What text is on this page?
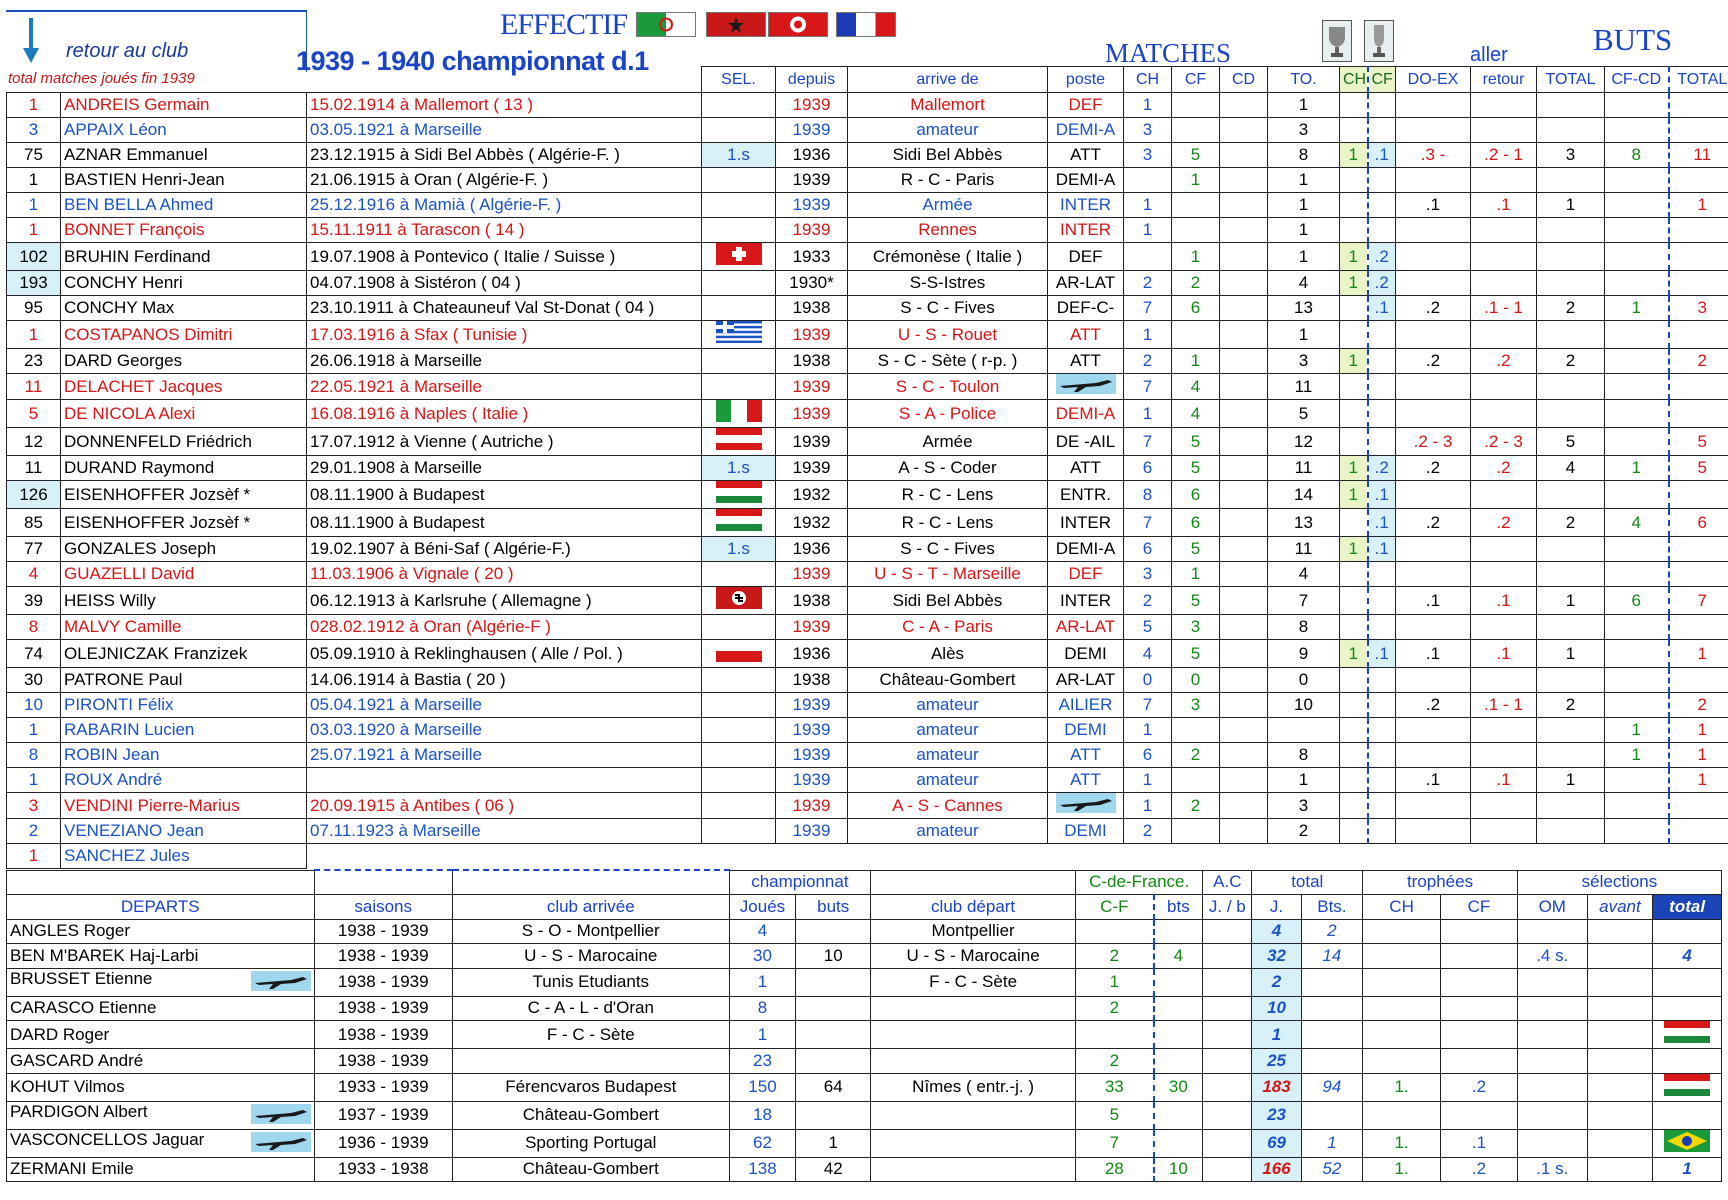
retour au club
total matches joués fin 1939
1939 - 1940 championnat d.1
EFFECTIF
MATCHES	aller	BUTS
			SEL.	depuis	arrive de	poste	CH	CF	CD	TO.	CH	CF	DO-EX	retour	TOTAL	CF-CD	TOTAL
1	ANDREIS Germain	15.02.1914 à Mallemort ( 13 )		1939	Mallemort	DEF	1			1							
3	APPAIX Léon	03.05.1921 à Marseille		1939	amateur	DEMI-A	3			3							
75	AZNAR Emmanuel	23.12.1915 à Sidi Bel Abbès ( Algérie-F. )	1.s	1936	Sidi Bel Abbès	ATT	3	5		8	1	.1	.3 -	.2 - 1	3	8	11
1	BASTIEN Henri-Jean	21.06.1915 à Oran ( Algérie-F. )		1939	R - C - Paris	DEMI-A		1		1							
1	BEN BELLA Ahmed	25.12.1916 à Mamià ( Algérie-F. )		1939	Armée	INTER	1			1			.1	.1	1		1
1	BONNET François	15.11.1911 à Tarascon ( 14 )		1939	Rennes	INTER	1			1							
102	BRUHIN Ferdinand	19.07.1908 à Pontevico ( Italie / Suisse )		1933	Crémonèse ( Italie )	DEF		1		1	1	.2					
193	CONCHY Henri	04.07.1908 à Sistéron ( 04 )		1930*	S-S-Istres	AR-LAT	2	2		4	1	.2					
95	CONCHY Max	23.10.1911 à Chateauneuf Val St-Donat ( 04 )		1938	S - C - Fives	DEF-C-	7	6		13		.1	.2	.1 - 1	2	1	3
1	COSTAPANOS Dimitri	17.03.1916 à Sfax ( Tunisie )		1939	U - S - Rouet	ATT	1			1							
23	DARD Georges	26.06.1918 à Marseille		1938	S - C - Sète ( r-p. )	ATT	2	1		3	1		.2	.2	2		2
11	DELACHET Jacques	22.05.1921 à Marseille		1939	S - C - Toulon		7	4		11							
5	DE NICOLA Alexi	16.08.1916 à Naples ( Italie )		1939	S - A - Police	DEMI-A	1	4		5							
12	DONNENFELD Friédrich	17.07.1912 à Vienne ( Autriche )		1939	Armée	DE -AIL	7	5		12			.2 - 3	.2 - 3	5		5
11	DURAND Raymond	29.01.1908 à Marseille	1.s	1939	A - S - Coder	ATT	6	5		11	1	.2	.2	.2	4	1	5
126	EISENHOFFER Jozsèf *	08.11.1900 à Budapest		1932	R - C - Lens	ENTR.	8	6		14	1	.1					
85	EISENHOFFER Jozsèf *	08.11.1900 à Budapest		1932	R - C - Lens	INTER	7	6		13		.1	.2	.2	2	4	6
77	GONZALES Joseph	19.02.1907 à Béni-Saf ( Algérie-F.)	1.s	1936	S - C - Fives	DEMI-A	6	5		11	1	.1					
4	GUAZELLI David	11.03.1906 à Vignale ( 20 )		1939	U - S - T - Marseille	DEF	3	1		4							
39	HEISS Willy	06.12.1913 à Karlsruhe ( Allemagne )		1938	Sidi Bel Abbès	INTER	2	5		7			.1	.1	1	6	7
8	MALVY Camille	028.02.1912 à Oran (Algérie-F )		1939	C - A - Paris	AR-LAT	5	3		8							
74	OLEJNICZAK Franzizek	05.09.1910 à Reklinghausen ( Alle / Pol. )		1936	Alès	DEMI	4	5		9	1	.1	.1	.1	1		1
30	PATRONE Paul	14.06.1914 à Bastia ( 20 )		1938	Château-Gombert	AR-LAT	0	0		0							
10	PIRONTI Félix	05.04.1921 à Marseille		1939	amateur	AILIER	7	3		10			.2	.1 - 1	2		2
1	RABARIN Lucien	03.03.1920 à Marseille		1939	amateur	DEMI	1									1	1
8	ROBIN Jean	25.07.1921 à Marseille		1939	amateur	ATT	6	2		8						1	1
1	ROUX André			1939	amateur	ATT	1			1			.1	.1	1		1
3	VENDINI Pierre-Marius	20.09.1915 à Antibes ( 06 )		1939	A - S - Cannes		1	2		3							
2	VENEZIANO Jean	07.11.1923 à Marseille		1939	amateur	DEMI	2			2							
1	SANCHEZ Jules																
			championnat			C-de-France.		A.C	total		trophées		sélections		
DEPARTS	saisons	club arrivée	Joués	buts	club départ	C-F	bts	J. / b	J.	Bts.	CH	CF	OM	avant	total
ANGLES Roger	1938 - 1939	S - O - Montpellier	4		Montpellier				4	2					
BEN M'BAREK Haj-Larbi	1938 - 1939	U - S - Marocaine	30	10	U - S - Marocaine	2	4		32	14			.4 s.		4
BRUSSET Etienne	1938 - 1939	Tunis Etudiants	1		F - C - Sète	1			2						
CARASCO Etienne	1938 - 1939	C - A - L - d'Oran	8			2			10						
DARD Roger	1938 - 1939	F - C - Sète	1						1						
GASCARD André	1938 - 1939		23			2			25						
KOHUT Vilmos	1933 - 1939	Férencvaros Budapest	150	64	Nîmes ( entr.-j. )	33	30		183	94	1.	.2			
PARDIGON Albert	1937 - 1939	Château-Gombert	18			5			23						
VASCONCELLOS Jaguar	1936 - 1939	Sporting Portugal	62	1		7			69	1	1.	.1			
ZERMANI Emile	1933 - 1938	Château-Gombert	138	42		28	10		166	52	1.	.2	.1 s.		1
